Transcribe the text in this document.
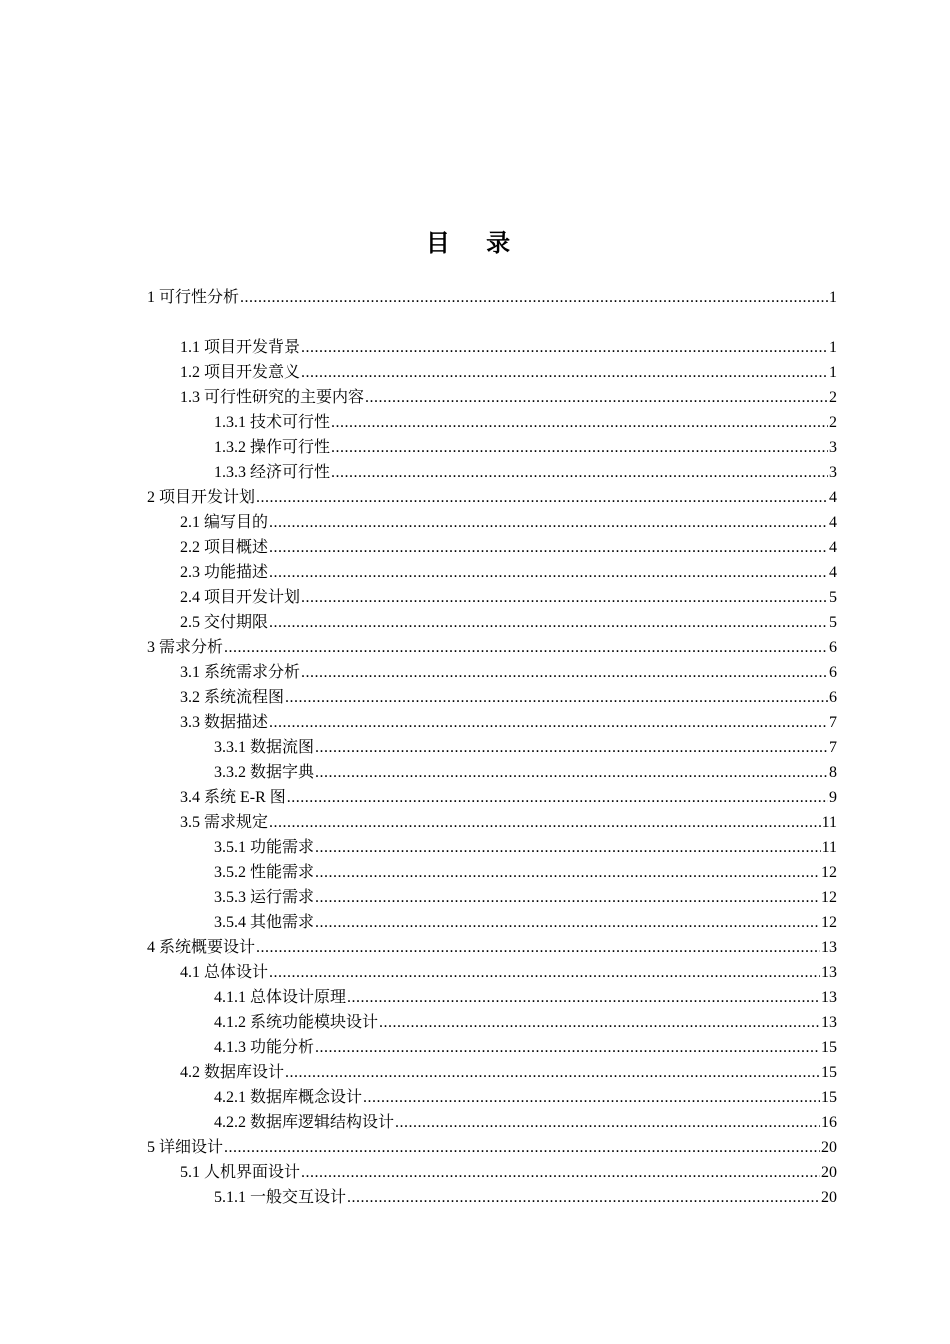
目 录
1 可行性分析 .....	1
1.1 项目开发背景 .....	1
1.2 项目开发意义 .....	1
1.3 可行性研究的主要内容 .....	2
1.3.1 技术可行性 .....	2
1.3.2 操作可行性 .....	3
1.3.3 经济可行性 .....	3
2 项目开发计划 .....	4
2.1 编写目的 .....	4
2.2 项目概述 .....	4
2.3 功能描述 .....	4
2.4 项目开发计划 .....	5
2.5 交付期限 .....	5
3 需求分析 .....	6
3.1 系统需求分析 .....	6
3.2 系统流程图 .....	6
3.3 数据描述 .....	7
3.3.1 数据流图 .....	7
3.3.2 数据字典 .....	8
3.4 系统 E-R 图 .....	9
3.5 需求规定 .....	11
3.5.1 功能需求 .....	11
3.5.2 性能需求 .....	12
3.5.3 运行需求 .....	12
3.5.4 其他需求 .....	12
4 系统概要设计 .....	13
4.1 总体设计 .....	13
4.1.1 总体设计原理 .....	13
4.1.2 系统功能模块设计 .....	13
4.1.3 功能分析 .....	15
4.2 数据库设计 .....	15
4.2.1 数据库概念设计 .....	15
4.2.2 数据库逻辑结构设计 .....	16
5 详细设计 .....	20
5.1 人机界面设计 .....	20
5.1.1 一般交互设计 .....	20
